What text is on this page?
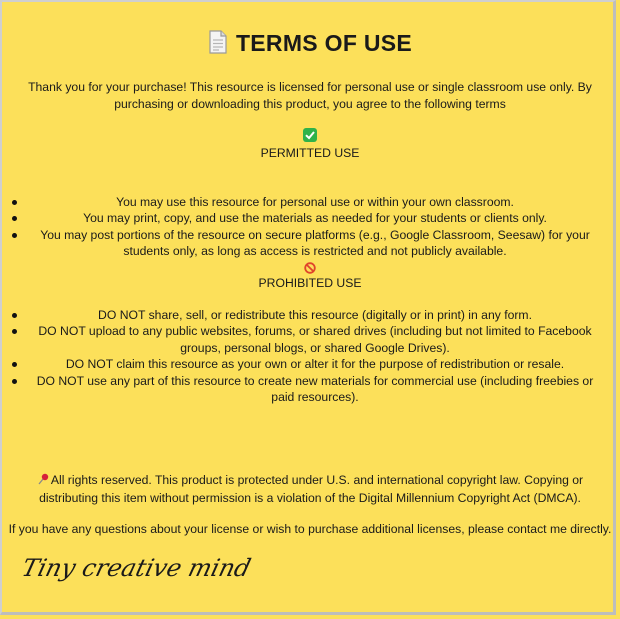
TERMS OF USE
Thank you for your purchase! This resource is licensed for personal use or single classroom use only. By purchasing or downloading this product, you agree to the following terms
PERMITTED USE
You may use this resource for personal use or within your own classroom.
You may print, copy, and use the materials as needed for your students or clients only.
You may post portions of the resource on secure platforms (e.g., Google Classroom, Seesaw) for your students only, as long as access is restricted and not publicly available.
PROHIBITED USE
DO NOT share, sell, or redistribute this resource (digitally or in print) in any form.
DO NOT upload to any public websites, forums, or shared drives (including but not limited to Facebook groups, personal blogs, or shared Google Drives).
DO NOT claim this resource as your own or alter it for the purpose of redistribution or resale.
DO NOT use any part of this resource to create new materials for commercial use (including freebies or paid resources).
All rights reserved. This product is protected under U.S. and international copyright law. Copying or distributing this item without permission is a violation of the Digital Millennium Copyright Act (DMCA).
If you have any questions about your license or wish to purchase additional licenses, please contact me directly.
Tiny creative mind
